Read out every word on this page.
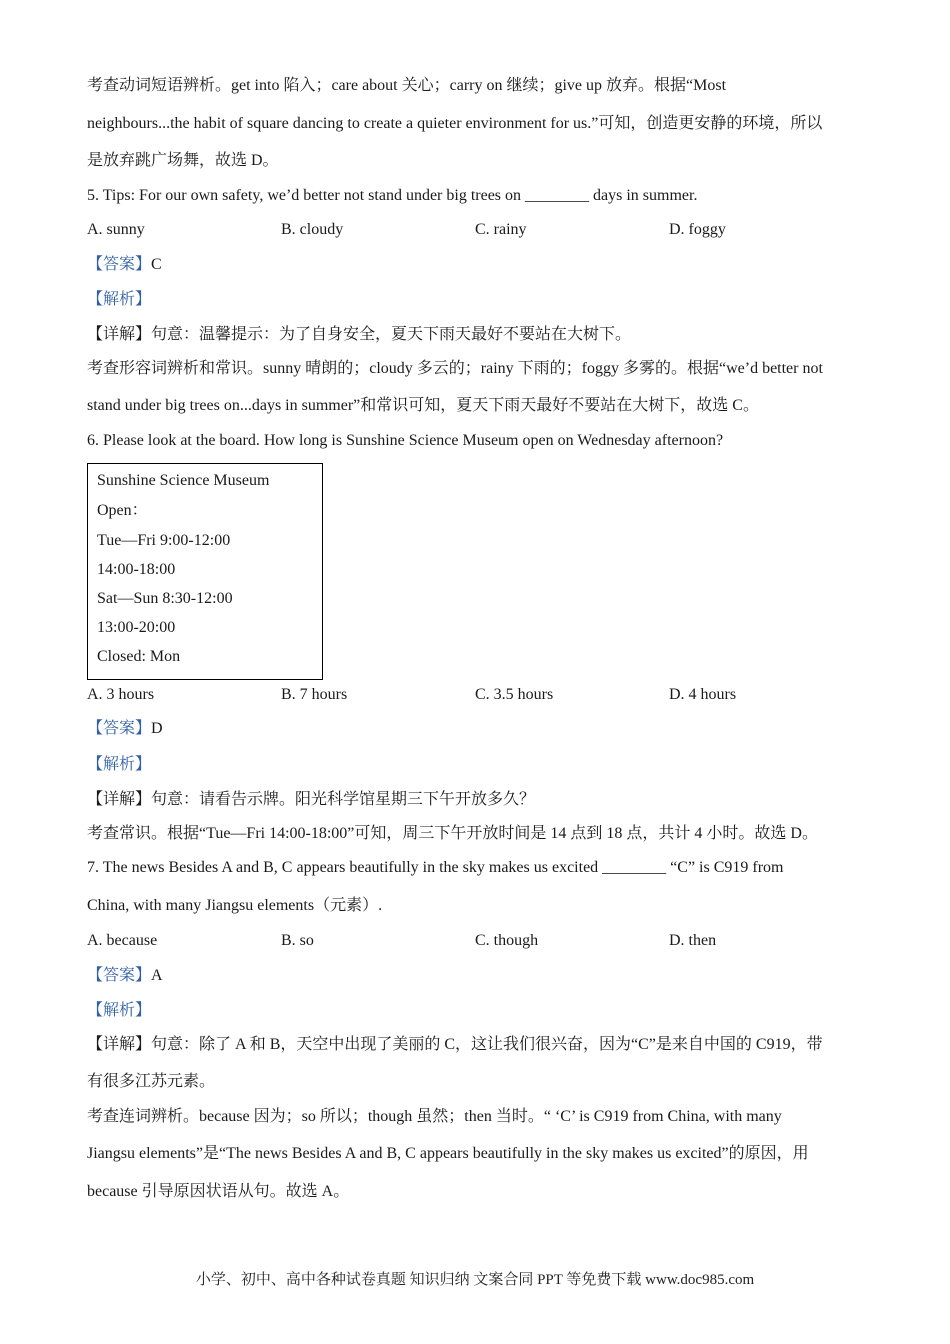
考查动词短语辨析。get into 陷入；care about 关心；carry on 继续；give up 放弃。根据“Most
neighbours...the habit of square dancing to create a quieter environment for us.”可知，创造更安静的环境，所以
是放弃跳广场舞，故选 D。
5. Tips: For our own safety, we’d better not stand under big trees on ________ days in summer.
A. sunny	B. cloudy	C. rainy	D. foggy
【答案】C
【解析】
【详解】句意：温馨提示：为了自身安全，夏天下雨天最好不要站在大树下。
考查形容词辨析和常识。sunny 晴朗的；cloudy 多云的；rainy 下雨的；foggy 多雾的。根据“we’d better not
stand under big trees on...days in summer”和常识可知，夏天下雨天最好不要站在大树下，故选 C。
6. Please look at the board. How long is Sunshine Science Museum open on Wednesday afternoon?
Sunshine Science Museum
Open：
Tue—Fri 9:00-12:00
14:00-18:00
Sat—Sun 8:30-12:00
13:00-20:00
Closed: Mon
A. 3 hours	B. 7 hours	C. 3.5 hours	D. 4 hours
【答案】D
【解析】
【详解】句意：请看告示牌。阳光科学馆星期三下午开放多久？
考查常识。根据“Tue—Fri 14:00-18:00”可知，周三下午开放时间是 14 点到 18 点，共计 4 小时。故选 D。
7. The news Besides A and B, C appears beautifully in the sky makes us excited ________ “C” is C919 from
China, with many Jiangsu elements（元素）.
A. because	B. so	C. though	D. then
【答案】A
【解析】
【详解】句意：除了 A 和 B，天空中出现了美丽的 C，这让我们很兴奋，因为“C”是来自中国的 C919，带
有很多江苏元素。
考查连词辨析。because 因为；so 所以；though 虽然；then 当时。“ ‘C’ is C919 from China, with many
Jiangsu elements”是“The news Besides A and B, C appears beautifully in the sky makes us excited”的原因，用
because 引导原因状语从句。故选 A。
小学、初中、高中各种试卷真题 知识归纳 文案合同 PPT 等免费下载 www.doc985.com
